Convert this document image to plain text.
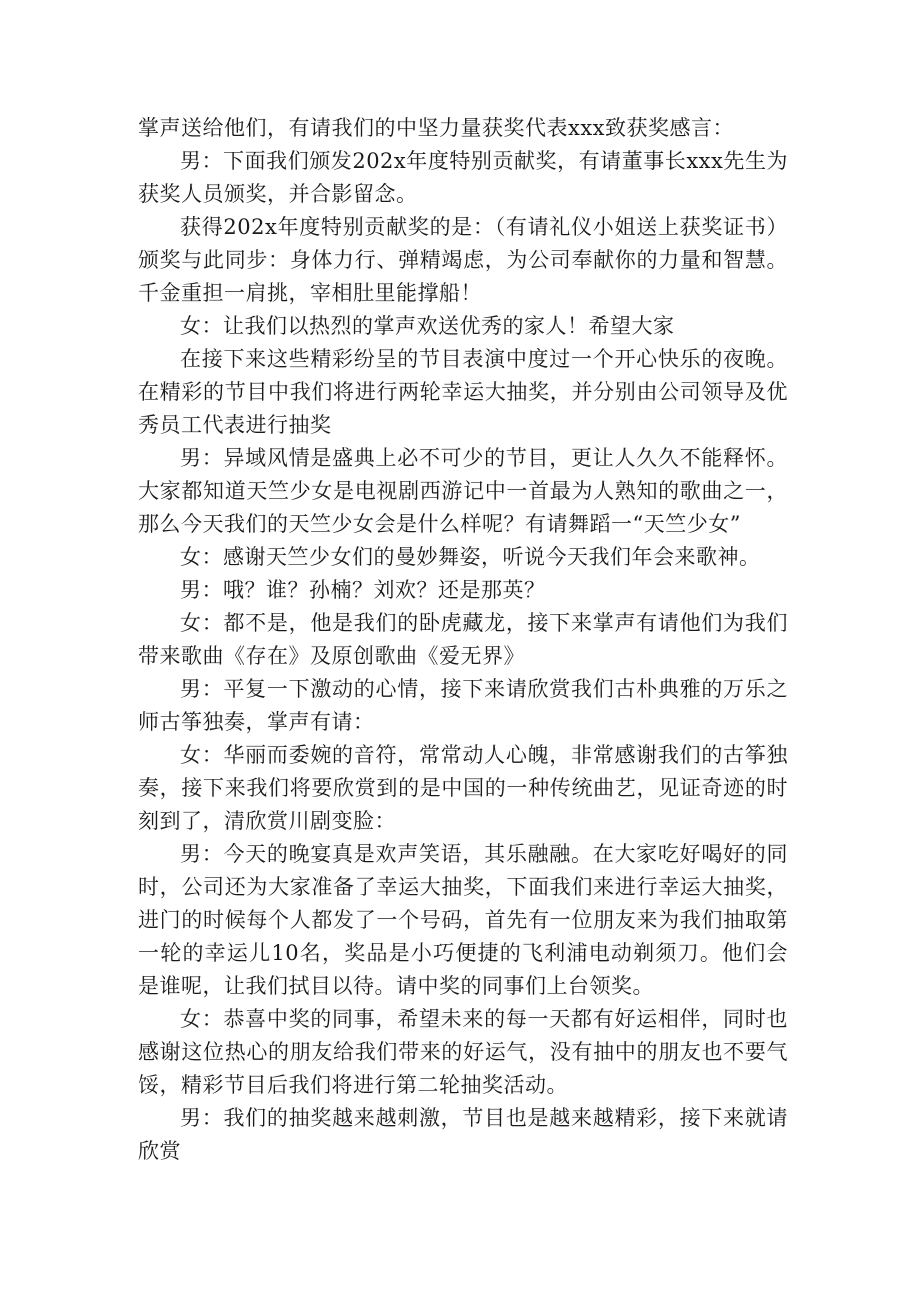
掌声送给他们，有请我们的中坚力量获奖代表xxx致获奖感言：

男：下面我们颁发202x年度特别贡献奖，有请董事长xxx先生为获奖人员颁奖，并合影留念。

获得202x年度特别贡献奖的是：（有请礼仪小姐送上获奖证书）颁奖与此同步：身体力行、弹精竭虑，为公司奉献你的力量和智慧。千金重担一肩挑，宰相肚里能撑船！

女：让我们以热烈的掌声欢送优秀的家人！希望大家

在接下来这些精彩纷呈的节目表演中度过一个开心快乐的夜晚。在精彩的节目中我们将进行两轮幸运大抽奖，并分别由公司领导及优秀员工代表进行抽奖

男：异域风情是盛典上必不可少的节目，更让人久久不能释怀。大家都知道天竺少女是电视剧西游记中一首最为人熟知的歌曲之一，那么今天我们的天竺少女会是什么样呢？有请舞蹈一“天竺少女”

女：感谢天竺少女们的曼妙舞姿，听说今天我们年会来歌神。

男：哦？谁？孙楠？刘欢？还是那英？

女：都不是，他是我们的卧虎藏龙，接下来掌声有请他们为我们带来歌曲《存在》及原创歌曲《爱无界》

男：平复一下激动的心情，接下来请欣赏我们古朴典雅的万乐之师古筝独奏，掌声有请：

女：华丽而委婉的音符，常常动人心魄，非常感谢我们的古筝独奏，接下来我们将要欣赏到的是中国的一种传统曲艺，见证奇迹的时刻到了，清欣赏川剧变脸：

男：今天的晚宴真是欢声笑语，其乐融融。在大家吃好喝好的同时，公司还为大家准备了幸运大抽奖，下面我们来进行幸运大抽奖，进门的时候每个人都发了一个号码，首先有一位朋友来为我们抽取第一轮的幸运儿10名，奖品是小巧便捷的飞利浦电动剃须刀。他们会是谁呢，让我们拭目以待。请中奖的同事们上台领奖。

女：恭喜中奖的同事，希望未来的每一天都有好运相伴，同时也感谢这位热心的朋友给我们带来的好运气，没有抽中的朋友也不要气馁，精彩节目后我们将进行第二轮抽奖活动。

男：我们的抽奖越来越刺激，节目也是越来越精彩，接下来就请欣赏
